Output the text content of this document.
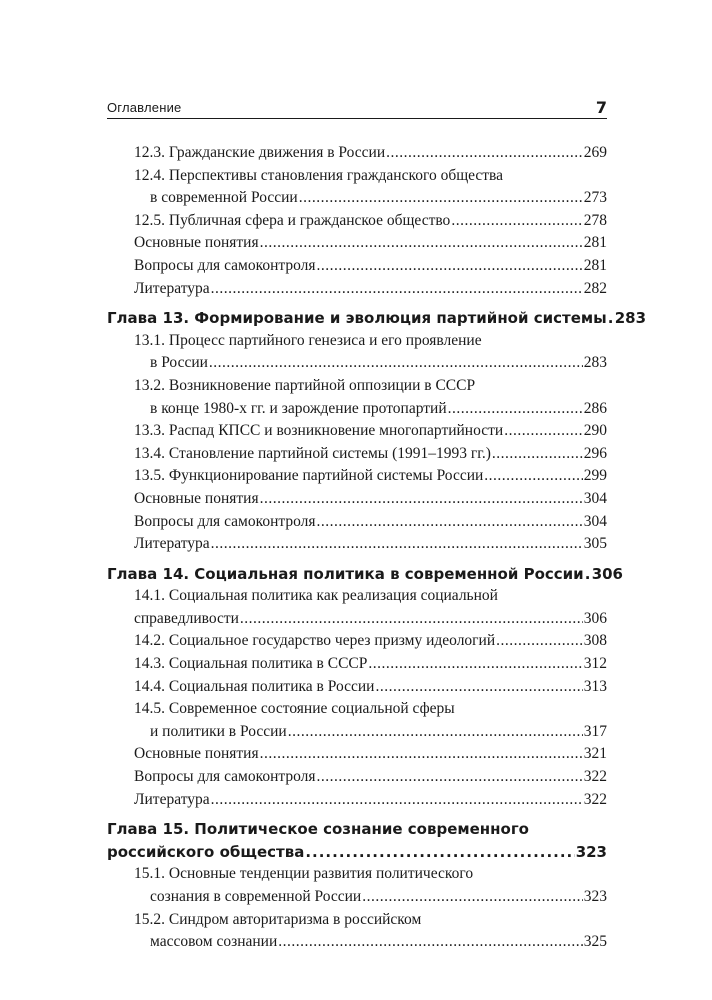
Оглавление	7
12.3. Гражданские движения в России .....	269
12.4. Перспективы становления гражданского общества
в современной России .....	273
12.5. Публичная сфера и гражданское общество .....	278
Основные понятия .....	281
Вопросы для самоконтроля .....	281
Литература .....	282
Глава 13. Формирование и эволюция партийной системы ..... 283
13.1. Процесс партийного генезиса и его проявление
в России .....	283
13.2. Возникновение партийной оппозиции в СССР
в конце 1980-х гг. и зарождение протопартий .....	286
13.3. Распад КПСС и возникновение многопартийности .....	290
13.4. Становление партийной системы (1991–1993 гг.) .....	296
13.5. Функционирование партийной системы России .....	299
Основные понятия .....	304
Вопросы для самоконтроля .....	304
Литература .....	305
Глава 14. Социальная политика в современной России ..... 306
14.1. Социальная политика как реализация социальной
справедливости .....	306
14.2. Социальное государство через призму идеологий .....	308
14.3. Социальная политика в СССР .....	312
14.4. Социальная политика в России .....	313
14.5. Современное состояние социальной сферы
и политики в России .....	317
Основные понятия .....	321
Вопросы для самоконтроля .....	322
Литература .....	322
Глава 15. Политическое сознание современного
российского общества .....	323
15.1. Основные тенденции развития политического
сознания в современной России .....	323
15.2. Синдром авторитаризма в российском
массовом сознании .....	325
